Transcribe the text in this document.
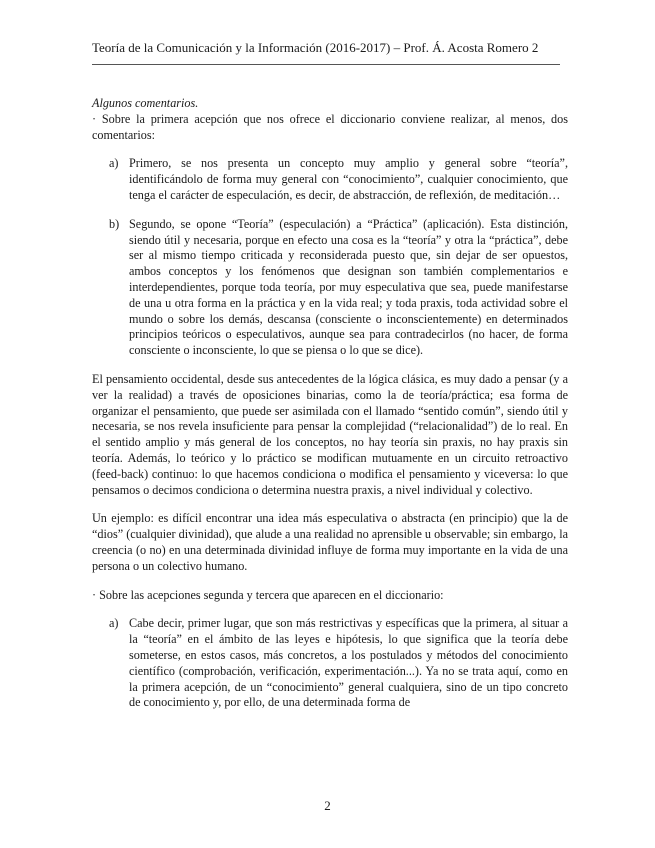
Teoría de la Comunicación y la Información (2016-2017) – Prof. Á. Acosta Romero 2

Algunos comentarios.

· Sobre la primera acepción que nos ofrece el diccionario conviene realizar, al menos, dos comentarios:

a) Primero, se nos presenta un concepto muy amplio y general sobre “teoría”, identificándolo de forma muy general con “conocimiento”, cualquier conocimiento, que tenga el carácter de especulación, es decir, de abstracción, de reflexión, de meditación…
b) Segundo, se opone “Teoría” (especulación) a “Práctica” (aplicación). Esta distinción, siendo útil y necesaria, porque en efecto una cosa es la “teoría” y otra la “práctica”, debe ser al mismo tiempo criticada y reconsiderada puesto que, sin dejar de ser opuestos, ambos conceptos y los fenómenos que designan son también complementarios e interdependientes, porque toda teoría, por muy especulativa que sea, puede manifestarse de una u otra forma en la práctica y en la vida real; y toda praxis, toda actividad sobre el mundo o sobre los demás, descansa (consciente o inconscientemente) en determinados principios teóricos o especulativos, aunque sea para contradecirlos (no hacer, de forma consciente o inconsciente, lo que se piensa o lo que se dice).

El pensamiento occidental, desde sus antecedentes de la lógica clásica, es muy dado a pensar (y a ver la realidad) a través de oposiciones binarias, como la de teoría/práctica; esa forma de organizar el pensamiento, que puede ser asimilada con el llamado “sentido común”, siendo útil y necesaria, se nos revela insuficiente para pensar la complejidad (“relacionalidad”) de lo real. En el sentido amplio y más general de los conceptos, no hay teoría sin praxis, no hay praxis sin teoría. Además, lo teórico y lo práctico se modifican mutuamente en un circuito retroactivo (feed-back) continuo: lo que hacemos condiciona o modifica el pensamiento y viceversa: lo que pensamos o decimos condiciona o determina nuestra praxis, a nivel individual y colectivo.

Un ejemplo: es difícil encontrar una idea más especulativa o abstracta (en principio) que la de “dios” (cualquier divinidad), que alude a una realidad no aprensible u observable; sin embargo, la creencia (o no) en una determinada divinidad influye de forma muy importante en la vida de una persona o un colectivo humano.

· Sobre las acepciones segunda y tercera que aparecen en el diccionario:

a) Cabe decir, primer lugar, que son más restrictivas y específicas que la primera, al situar a la “teoría” en el ámbito de las leyes e hipótesis, lo que significa que la teoría debe someterse, en estos casos, más concretos, a los postulados y métodos del conocimiento científico (comprobación, verificación, experimentación...). Ya no se trata aquí, como en la primera acepción, de un “conocimiento” general cualquiera, sino de un tipo concreto de conocimiento y, por ello, de una determinada forma de
2
